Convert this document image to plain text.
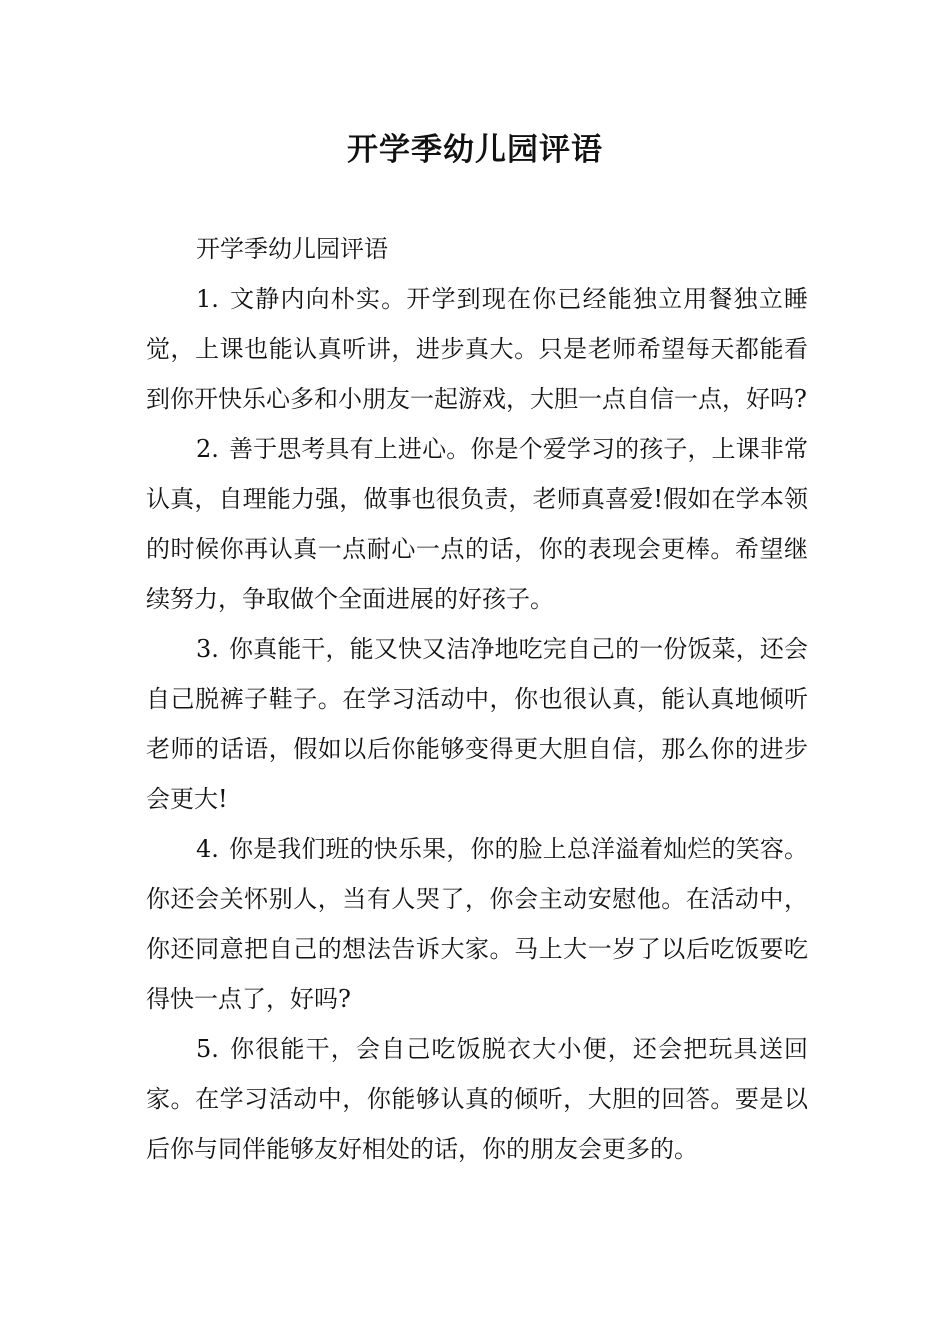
开学季幼儿园评语

开学季幼儿园评语

1. 文静内向朴实。开学到现在你已经能独立用餐独立睡觉，上课也能认真听讲，进步真大。只是老师希望每天都能看到你开快乐心多和小朋友一起游戏，大胆一点自信一点，好吗?

2. 善于思考具有上进心。你是个爱学习的孩子，上课非常认真，自理能力强，做事也很负责，老师真喜爱!假如在学本领的时候你再认真一点耐心一点的话，你的表现会更棒。希望继续努力，争取做个全面进展的好孩子。

3. 你真能干，能又快又洁净地吃完自己的一份饭菜，还会自己脱裤子鞋子。在学习活动中，你也很认真，能认真地倾听老师的话语，假如以后你能够变得更大胆自信，那么你的进步会更大!

4. 你是我们班的快乐果，你的脸上总洋溢着灿烂的笑容。你还会关怀别人，当有人哭了，你会主动安慰他。在活动中，你还同意把自己的想法告诉大家。马上大一岁了以后吃饭要吃得快一点了，好吗?

5. 你很能干，会自己吃饭脱衣大小便，还会把玩具送回家。在学习活动中，你能够认真的倾听，大胆的回答。要是以后你与同伴能够友好相处的话，你的朋友会更多的。
